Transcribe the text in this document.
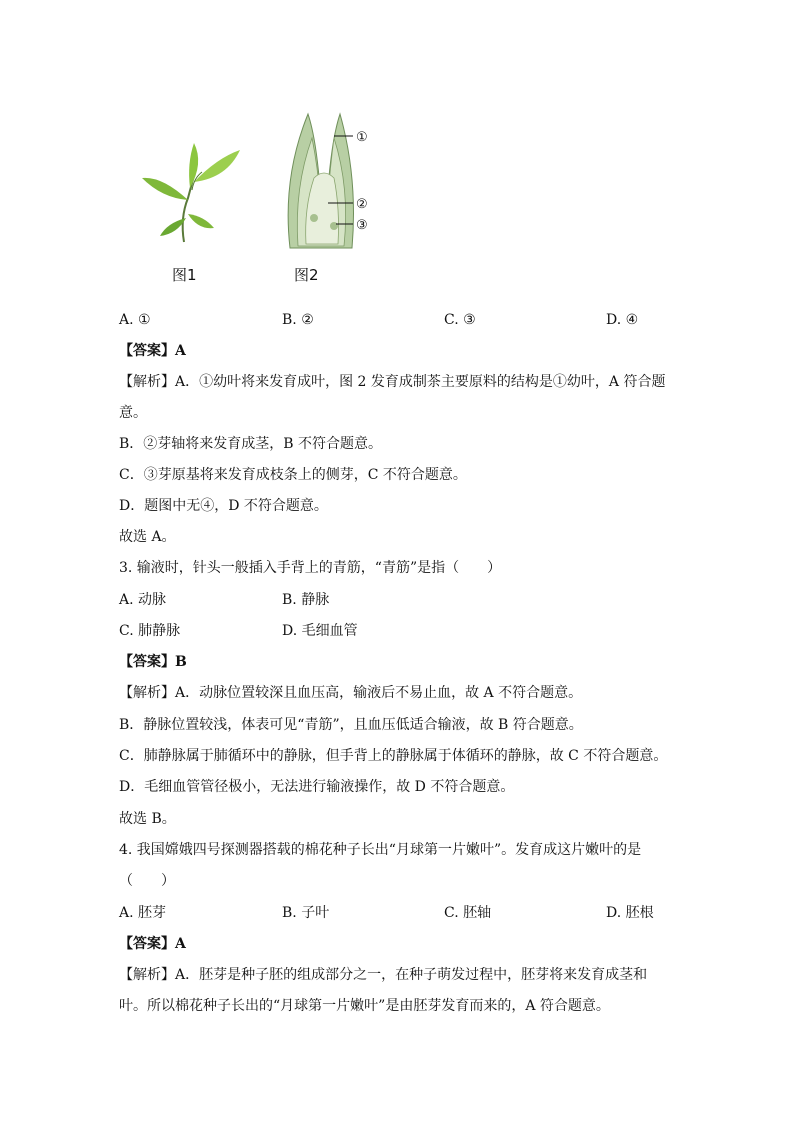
①
②
③
图1	图2
A. ①	B. ②	C. ③	D. ④
【答案】A
【解析】A．①幼叶将来发育成叶，图 2 发育成制茶主要原料的结构是①幼叶，A 符合题
意。
B．②芽轴将来发育成茎，B 不符合题意。
C．③芽原基将来发育成枝条上的侧芽，C 不符合题意。
D．题图中无④，D 不符合题意。
故选 A。
3. 输液时，针头一般插入手背上的青筋，“青筋”是指（　　）
A. 动脉	B. 静脉
C. 肺静脉	D. 毛细血管
【答案】B
【解析】A．动脉位置较深且血压高，输液后不易止血，故 A 不符合题意。
B．静脉位置较浅，体表可见“青筋”，且血压低适合输液，故 B 符合题意。
C．肺静脉属于肺循环中的静脉，但手背上的静脉属于体循环的静脉，故 C 不符合题意。
D．毛细血管管径极小，无法进行输液操作，故 D 不符合题意。
故选 B。
4. 我国嫦娥四号探测器搭载的棉花种子长出“月球第一片嫩叶”。发育成这片嫩叶的是
（　　）
A. 胚芽	B. 子叶	C. 胚轴	D. 胚根
【答案】A
【解析】A．胚芽是种子胚的组成部分之一，在种子萌发过程中，胚芽将来发育成茎和
叶。所以棉花种子长出的“月球第一片嫩叶”是由胚芽发育而来的，A 符合题意。
